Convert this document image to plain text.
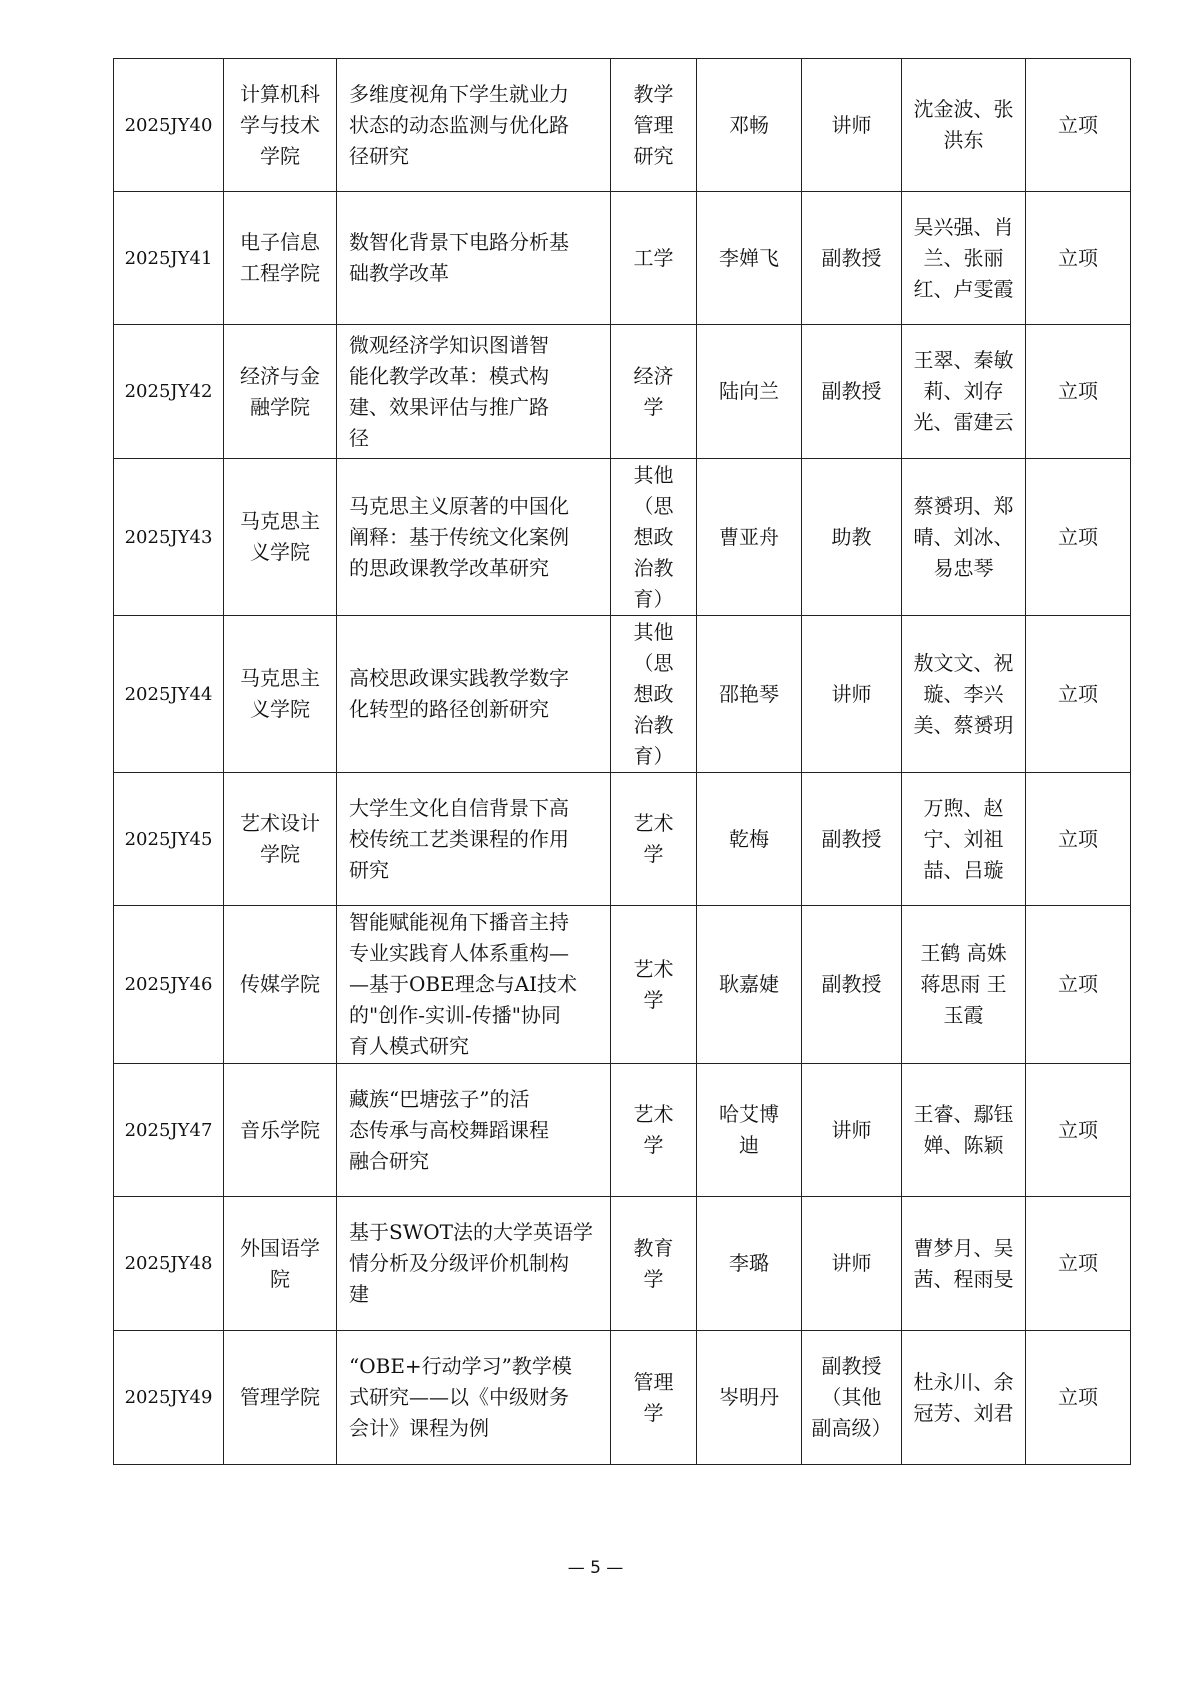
2025JY40	计算机科
学与技术
学院	多维度视角下学生就业力
状态的动态监测与优化路
径研究	教学
管理
研究	邓畅	讲师	沈金波、张
洪东	立项
2025JY41	电子信息
工程学院	数智化背景下电路分析基
础教学改革	工学	李婵飞	副教授	吴兴强、肖
兰、张丽
红、卢雯霞	立项
2025JY42	经济与金
融学院	微观经济学知识图谱智
能化教学改革：模式构
建、效果评估与推广路
径	经济
学	陆向兰	副教授	王翠、秦敏
莉、刘存
光、雷建云	立项
2025JY43	马克思主
义学院	马克思主义原著的中国化
阐释：基于传统文化案例
的思政课教学改革研究	其他
（思
想政
治教
育）	曹亚舟	助教	蔡赟玥、郑
晴、刘冰、
易忠琴	立项
2025JY44	马克思主
义学院	高校思政课实践教学数字
化转型的路径创新研究	其他
（思
想政
治教
育）	邵艳琴	讲师	敖文文、祝
璇、李兴
美、蔡赟玥	立项
2025JY45	艺术设计
学院	大学生文化自信背景下高
校传统工艺类课程的作用
研究	艺术
学	乾梅	副教授	万煦、赵
宁、刘祖
喆、吕璇	立项
2025JY46	传媒学院	智能赋能视角下播音主持
专业实践育人体系重构—
—基于OBE理念与AI技术
的"创作-实训-传播"协同
育人模式研究	艺术
学	耿嘉婕	副教授	王鹤 高姝
蒋思雨 王
玉霞	立项
2025JY47	音乐学院	藏族“巴塘弦子”的活
态传承与高校舞蹈课程
融合研究	艺术
学	哈艾博
迪	讲师	王睿、鄢钰
婵、陈颖	立项
2025JY48	外国语学
院	基于SWOT法的大学英语学
情分析及分级评价机制构
建	教育
学	李璐	讲师	曹梦月、吴
茜、程雨旻	立项
2025JY49	管理学院	“OBE+行动学习”教学模
式研究——以《中级财务
会计》课程为例	管理
学	岑明丹	副教授
（其他
副高级）	杜永川、余
冠芳、刘君	立项
— 5 —
